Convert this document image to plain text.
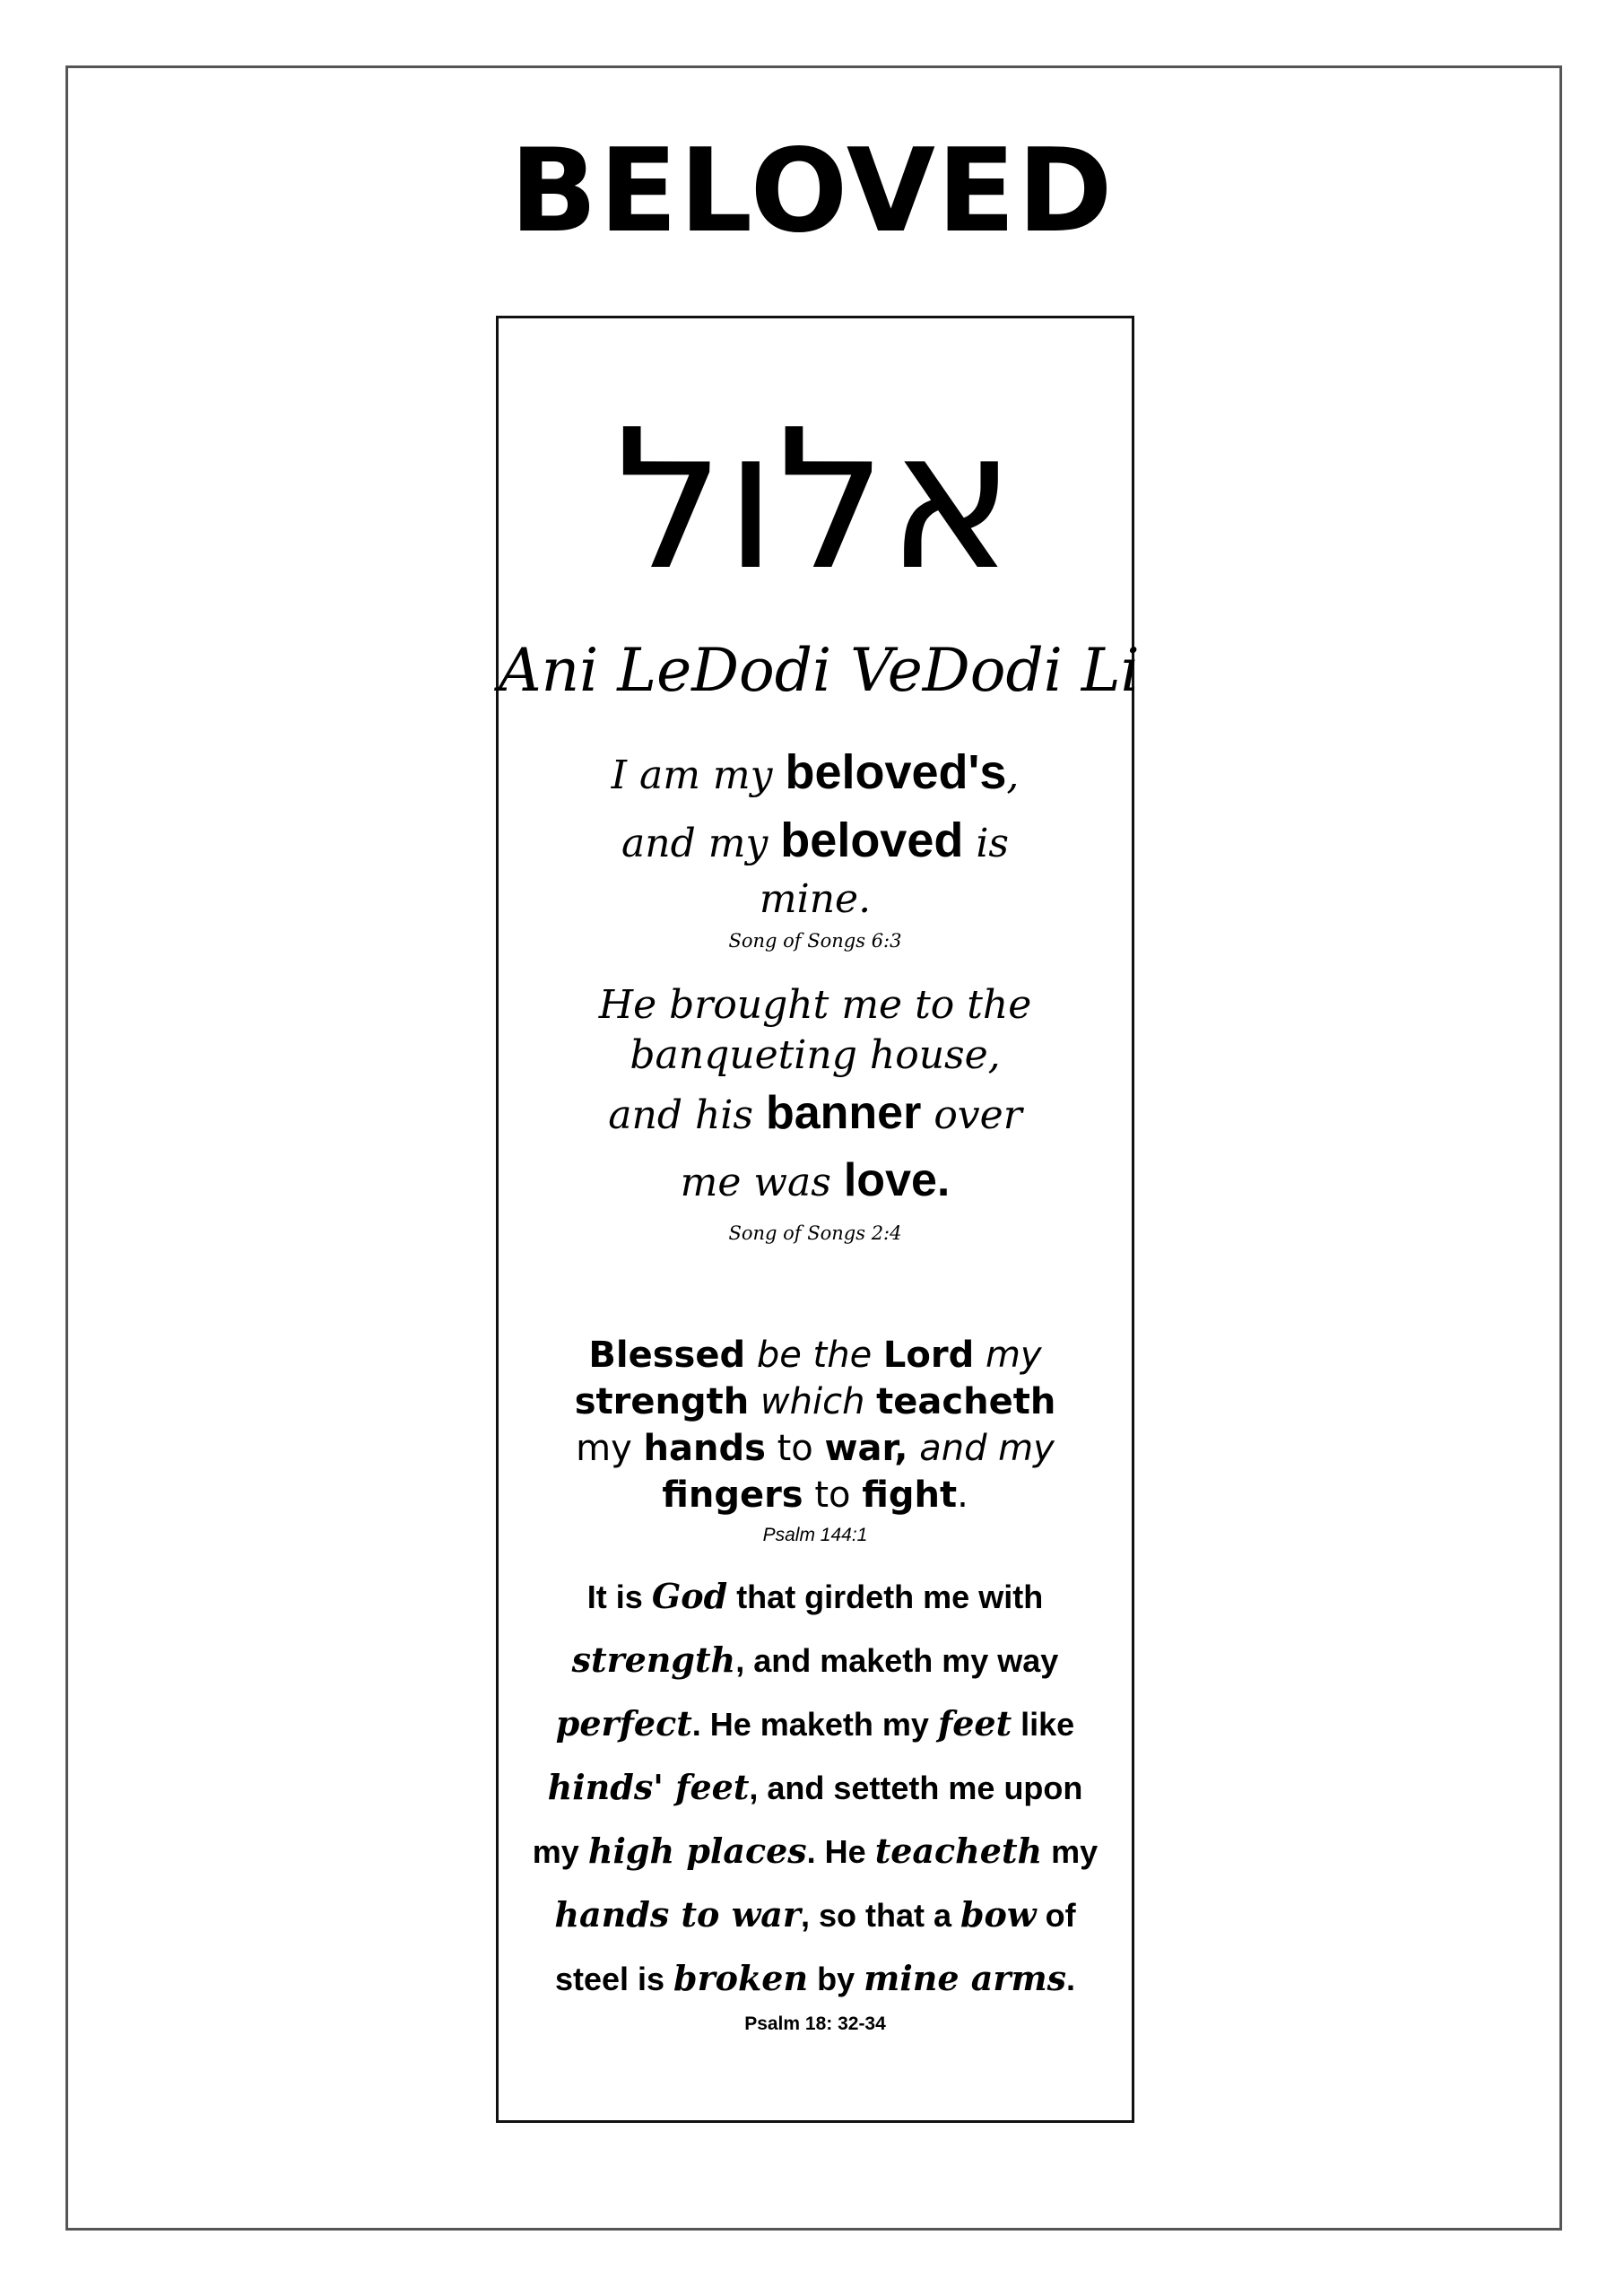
BELOVED
אלול
Ani LeDodi VeDodi Li

I am my beloved's,

and my beloved is

mine.

Song of Songs 6:3

He brought me to the

banqueting house,

and his banner over

me was love.

Song of Songs 2:4

Blessed be the Lord my

strength which teacheth

my hands to war, and my

fingers to fight.

Psalm 144:1

It is God that girdeth me with

strength, and maketh my way

perfect. He maketh my feet like

hinds' feet, and setteth me upon

my high places. He teacheth my

hands to war, so that a bow of

steel is broken by mine arms.

Psalm 18: 32-34
